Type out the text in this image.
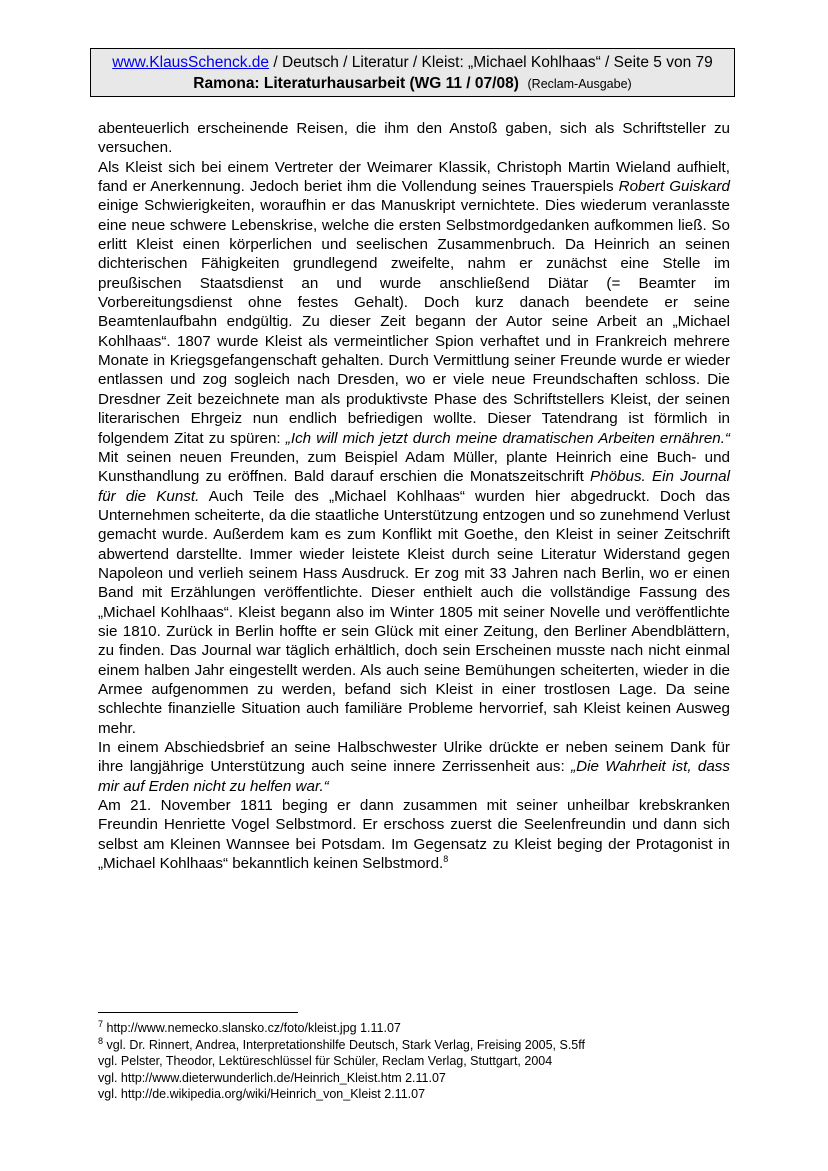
www.KlausSchenck.de / Deutsch / Literatur / Kleist: „Michael Kohlhaas“ / Seite 5 von 79
Ramona: Literaturhausarbeit (WG 11 / 07/08) (Reclam-Ausgabe)

abenteuerlich erscheinende Reisen, die ihm den Anstoß gaben, sich als Schriftsteller zu versuchen.

Als Kleist sich bei einem Vertreter der Weimarer Klassik, Christoph Martin Wieland aufhielt, fand er Anerkennung. Jedoch beriet ihm die Vollendung seines Trauerspiels Robert Guiskard einige Schwierigkeiten, woraufhin er das Manuskript vernichtete. Dies wiederum veranlasste eine neue schwere Lebenskrise, welche die ersten Selbstmordgedanken aufkommen ließ. So erlitt Kleist einen körperlichen und seelischen Zusammenbruch. Da Heinrich an seinen dichterischen Fähigkeiten grundlegend zweifelte, nahm er zunächst eine Stelle im preußischen Staatsdienst an und wurde anschließend Diätar (= Beamter im Vorbereitungsdienst ohne festes Gehalt). Doch kurz danach beendete er seine Beamtenlaufbahn endgültig. Zu dieser Zeit begann der Autor seine Arbeit an „Michael Kohlhaas“. 1807 wurde Kleist als vermeintlicher Spion verhaftet und in Frankreich mehrere Monate in Kriegsgefangenschaft gehalten. Durch Vermittlung seiner Freunde wurde er wieder entlassen und zog sogleich nach Dresden, wo er viele neue Freundschaften schloss. Die Dresdner Zeit bezeichnete man als produktivste Phase des Schriftstellers Kleist, der seinen literarischen Ehrgeiz nun endlich befriedigen wollte. Dieser Tatendrang ist förmlich in folgendem Zitat zu spüren: „Ich will mich jetzt durch meine dramatischen Arbeiten ernähren.“ Mit seinen neuen Freunden, zum Beispiel Adam Müller, plante Heinrich eine Buch- und Kunsthandlung zu eröffnen. Bald darauf erschien die Monatszeitschrift Phöbus. Ein Journal für die Kunst. Auch Teile des „Michael Kohlhaas“ wurden hier abgedruckt. Doch das Unternehmen scheiterte, da die staatliche Unterstützung entzogen und so zunehmend Verlust gemacht wurde. Außerdem kam es zum Konflikt mit Goethe, den Kleist in seiner Zeitschrift abwertend darstellte. Immer wieder leistete Kleist durch seine Literatur Widerstand gegen Napoleon und verlieh seinem Hass Ausdruck. Er zog mit 33 Jahren nach Berlin, wo er einen Band mit Erzählungen veröffentlichte. Dieser enthielt auch die vollständige Fassung des „Michael Kohlhaas“. Kleist begann also im Winter 1805 mit seiner Novelle und veröffentlichte sie 1810. Zurück in Berlin hoffte er sein Glück mit einer Zeitung, den Berliner Abendblättern, zu finden. Das Journal war täglich erhältlich, doch sein Erscheinen musste nach nicht einmal einem halben Jahr eingestellt werden. Als auch seine Bemühungen scheiterten, wieder in die Armee aufgenommen zu werden, befand sich Kleist in einer trostlosen Lage. Da seine schlechte finanzielle Situation auch familiäre Probleme hervorrief, sah Kleist keinen Ausweg mehr.

In einem Abschiedsbrief an seine Halbschwester Ulrike drückte er neben seinem Dank für ihre langjährige Unterstützung auch seine innere Zerrissenheit aus: „Die Wahrheit ist, dass mir auf Erden nicht zu helfen war.“

Am 21. November 1811 beging er dann zusammen mit seiner unheilbar krebskranken Freundin Henriette Vogel Selbstmord. Er erschoss zuerst die Seelenfreundin und dann sich selbst am Kleinen Wannsee bei Potsdam. Im Gegensatz zu Kleist beging der Protagonist in „Michael Kohlhaas“ bekanntlich keinen Selbstmord.$^8$

$^7$ http://www.nemecko.slansko.cz/foto/kleist.jpg 1.11.07
$^8$ vgl. Dr. Rinnert, Andrea, Interpretationshilfe Deutsch, Stark Verlag, Freising 2005, S.5ff
vgl. Pelster, Theodor, Lektüreschlüssel für Schüler, Reclam Verlag, Stuttgart, 2004
vgl. http://www.dieterwunderlich.de/Heinrich_Kleist.htm 2.11.07
vgl. http://de.wikipedia.org/wiki/Heinrich_von_Kleist 2.11.07
